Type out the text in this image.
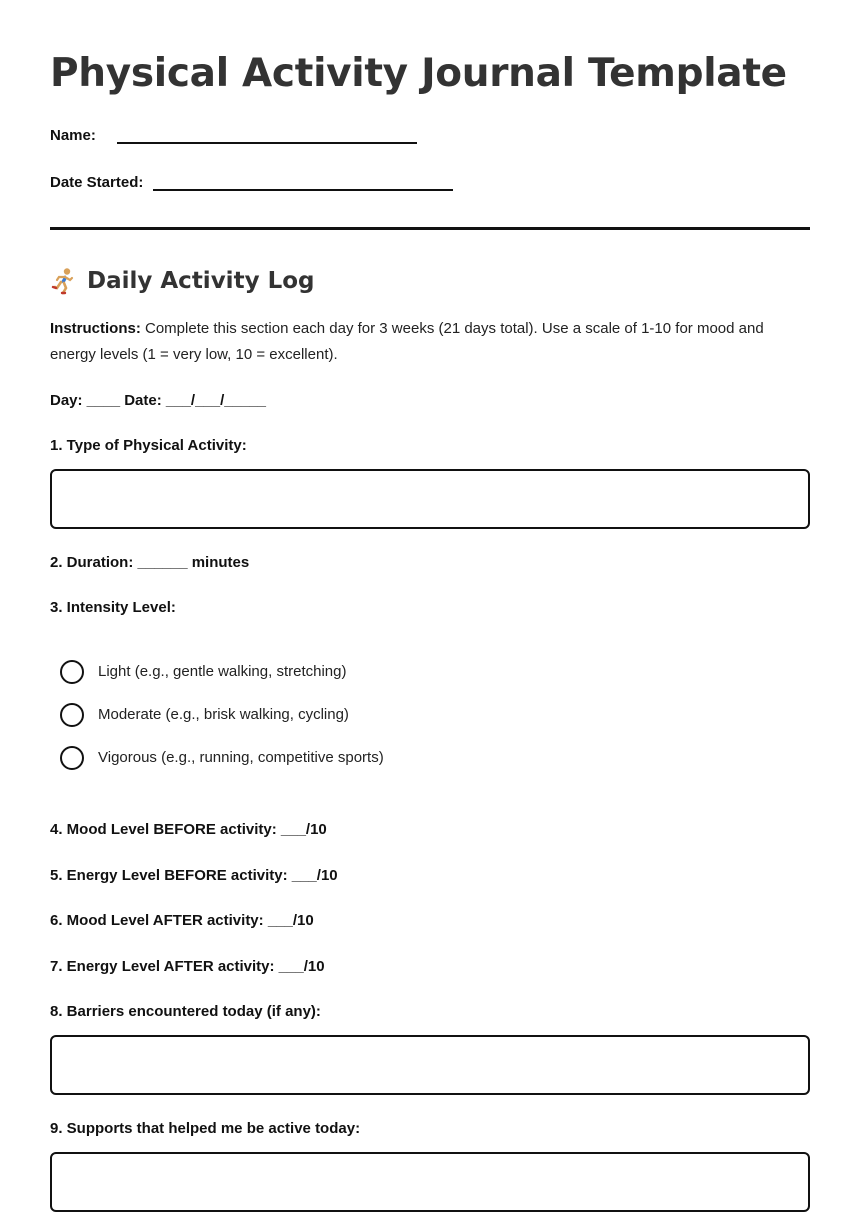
Physical Activity Journal Template
Name:
Date Started:
Daily Activity Log
Instructions: Complete this section each day for 3 weeks (21 days total). Use a scale of 1-10 for mood and energy levels (1 = very low, 10 = excellent).
Day: ____ Date: ___/___/_____
1. Type of Physical Activity:
2. Duration: ______ minutes
3. Intensity Level:
Light (e.g., gentle walking, stretching)
Moderate (e.g., brisk walking, cycling)
Vigorous (e.g., running, competitive sports)
4. Mood Level BEFORE activity: ___/10
5. Energy Level BEFORE activity: ___/10
6. Mood Level AFTER activity: ___/10
7. Energy Level AFTER activity: ___/10
8. Barriers encountered today (if any):
9. Supports that helped me be active today:
